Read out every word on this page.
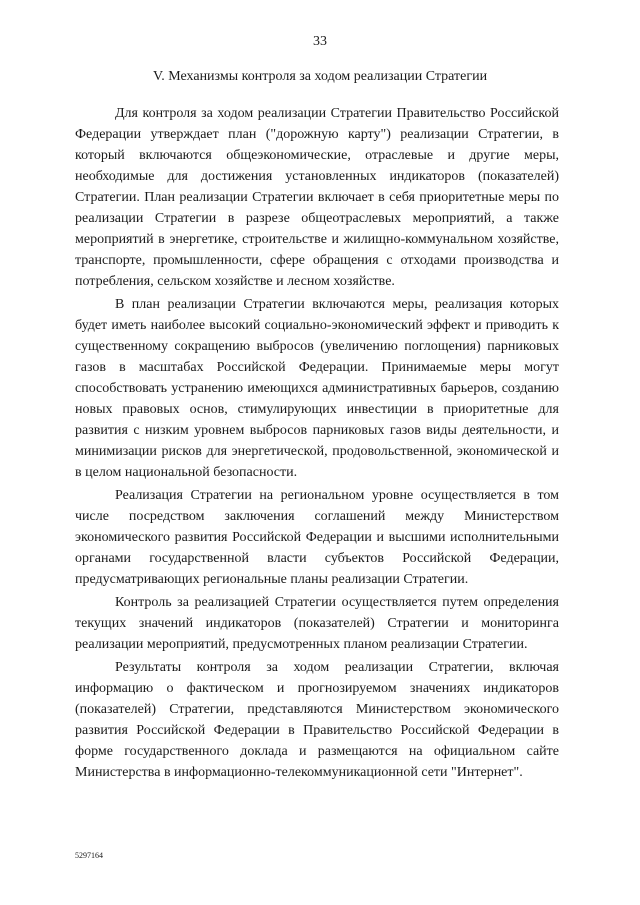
33
V. Механизмы контроля за ходом реализации Стратегии

Для контроля за ходом реализации Стратегии Правительство Российской Федерации утверждает план ("дорожную карту") реализации Стратегии, в который включаются общеэкономические, отраслевые и другие меры, необходимые для достижения установленных индикаторов (показателей) Стратегии. План реализации Стратегии включает в себя приоритетные меры по реализации Стратегии в разрезе общеотраслевых мероприятий, а также мероприятий в энергетике, строительстве и жилищно-коммунальном хозяйстве, транспорте, промышленности, сфере обращения с отходами производства и потребления, сельском хозяйстве и лесном хозяйстве.

В план реализации Стратегии включаются меры, реализация которых будет иметь наиболее высокий социально-экономический эффект и приводить к существенному сокращению выбросов (увеличению поглощения) парниковых газов в масштабах Российской Федерации. Принимаемые меры могут способствовать устранению имеющихся административных барьеров, созданию новых правовых основ, стимулирующих инвестиции в приоритетные для развития с низким уровнем выбросов парниковых газов виды деятельности, и минимизации рисков для энергетической, продовольственной, экономической и в целом национальной безопасности.

Реализация Стратегии на региональном уровне осуществляется в том числе посредством заключения соглашений между Министерством экономического развития Российской Федерации и высшими исполнительными органами государственной власти субъектов Российской Федерации, предусматривающих региональные планы реализации Стратегии.

Контроль за реализацией Стратегии осуществляется путем определения текущих значений индикаторов (показателей) Стратегии и мониторинга реализации мероприятий, предусмотренных планом реализации Стратегии.

Результаты контроля за ходом реализации Стратегии, включая информацию о фактическом и прогнозируемом значениях индикаторов (показателей) Стратегии, представляются Министерством экономического развития Российской Федерации в Правительство Российской Федерации в форме государственного доклада и размещаются на официальном сайте Министерства в информационно-телекоммуникационной сети "Интернет".

5297164
